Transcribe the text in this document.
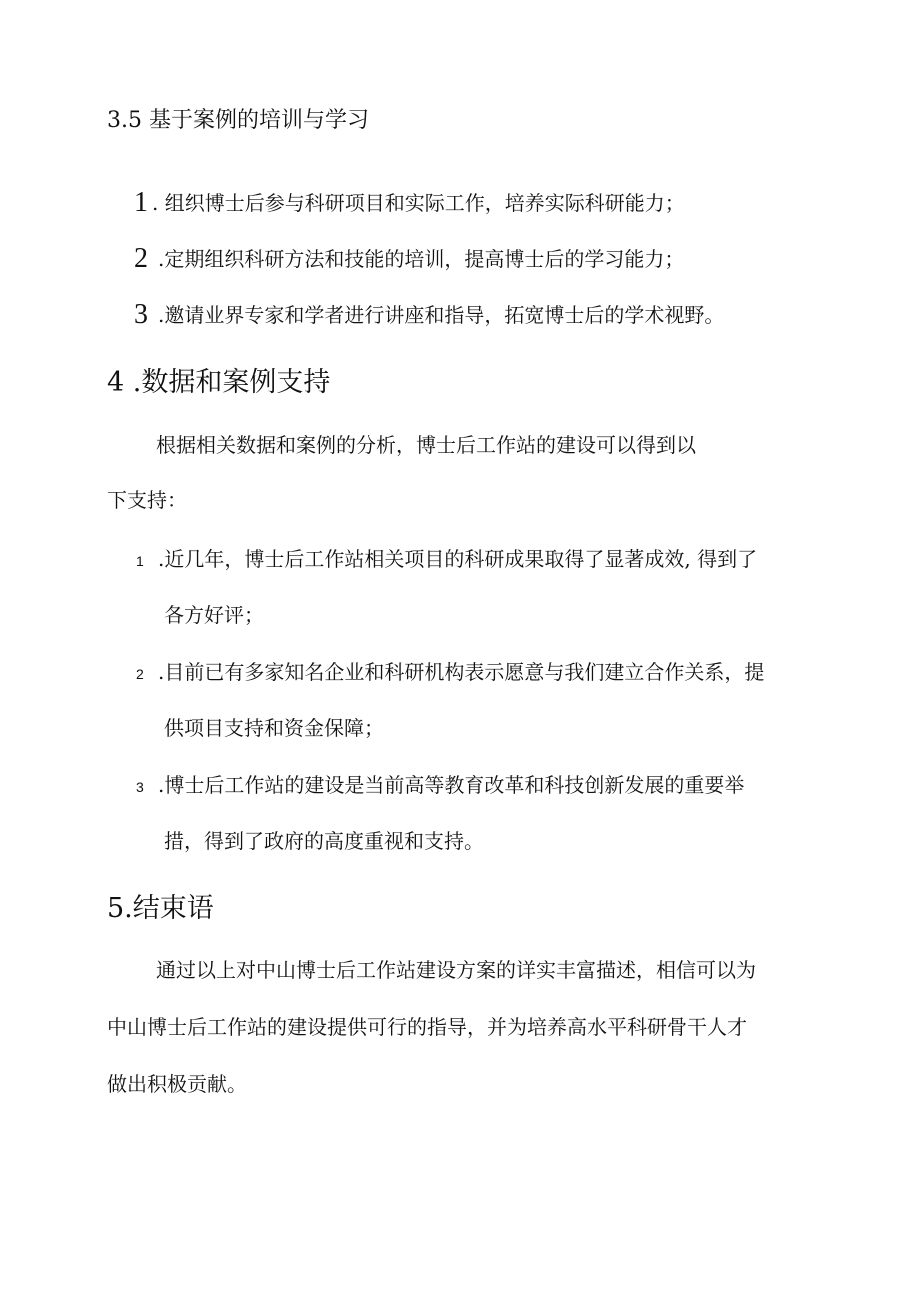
3.5 基于案例的培训与学习
1 . 组织博士后参与科研项目和实际工作，培养实际科研能力；
2 .定期组织科研方法和技能的培训，提高博士后的学习能力；
3 .邀请业界专家和学者进行讲座和指导，拓宽博士后的学术视野。
4 .数据和案例支持
根据相关数据和案例的分析，博士后工作站的建设可以得到以
下支持：
1 .近几年，博士后工作站相关项目的科研成果取得了显著成效, 得到了
各方好评；
2 .目前已有多家知名企业和科研机构表示愿意与我们建立合作关系，提
供项目支持和资金保障；
3 .博士后工作站的建设是当前高等教育改革和科技创新发展的重要举
措，得到了政府的高度重视和支持。
5.结束语
通过以上对中山博士后工作站建设方案的详实丰富描述，相信可以为
中山博士后工作站的建设提供可行的指导，并为培养高水平科研骨干人才
做出积极贡献。
